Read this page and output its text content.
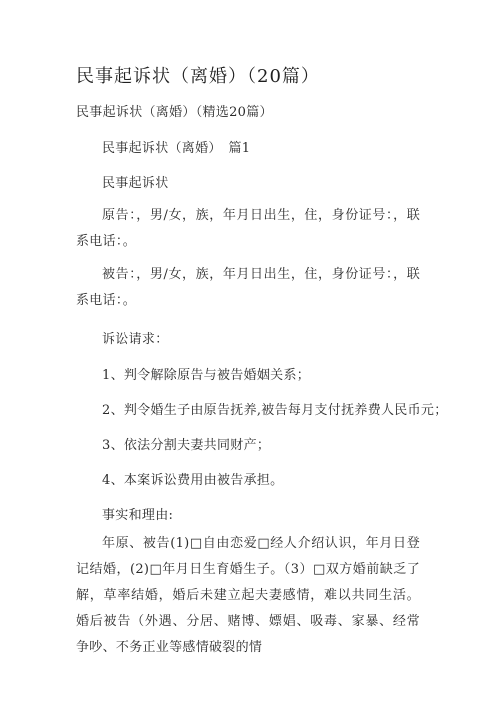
民事起诉状（离婚）（20篇）
民事起诉状（离婚）（精选20篇）
民事起诉状（离婚）　篇1
民事起诉状
原告：，男/女，族，年月日出生，住，身份证号：，联系电话：。
被告：，男/女，族，年月日出生，住，身份证号：，联系电话：。
诉讼请求：
1、判令解除原告与被告婚姻关系；
2、判令婚生子由原告抚养,被告每月支付抚养费人民币元；
3、依法分割夫妻共同财产；
4、本案诉讼费用由被告承担。
事实和理由:
年原、被告(1)□自由恋爱□经人介绍认识，年月日登记结婚，(2)□年月日生育婚生子。（3）□双方婚前缺乏了解，草率结婚，婚后未建立起夫妻感情，难以共同生活。婚后被告（外遇、分居、赌博、嫖娼、吸毒、家暴、经常争吵、不务正业等感情破裂的情
